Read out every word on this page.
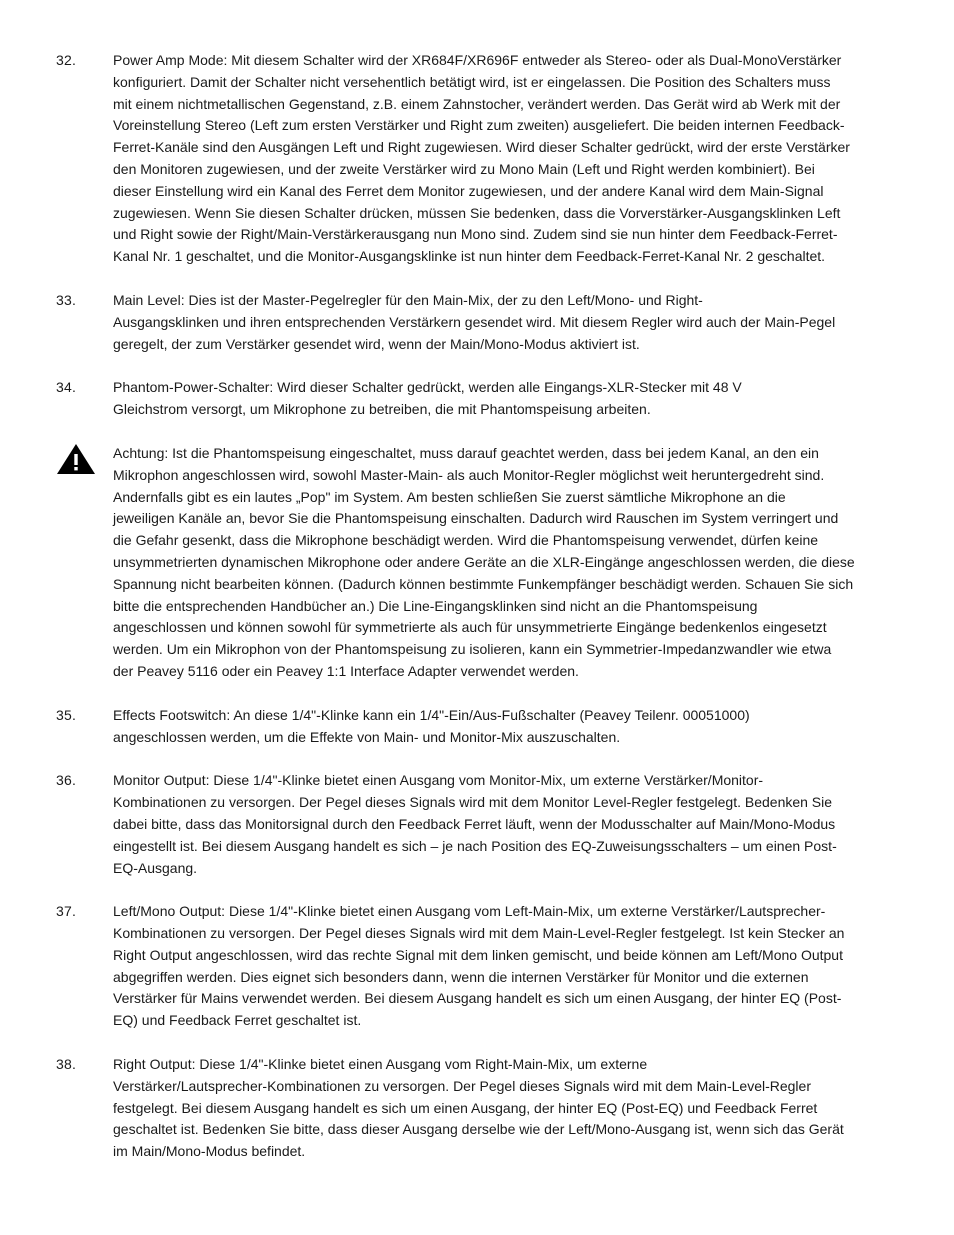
32.	Power Amp Mode: Mit diesem Schalter wird der XR684F/XR696F entweder als Stereo- oder als Dual-MonoVerstärker
konfiguriert. Damit der Schalter nicht versehentlich betätigt wird, ist er eingelassen. Die Position des Schalters muss
mit einem nichtmetallischen Gegenstand, z.B. einem Zahnstocher, verändert werden. Das Gerät wird ab Werk mit der
Voreinstellung Stereo (Left zum ersten Verstärker und Right zum zweiten) ausgeliefert. Die beiden internen Feedback-
Ferret-Kanäle sind den Ausgängen Left und Right zugewiesen. Wird dieser Schalter gedrückt, wird der erste Verstärker
den Monitoren zugewiesen, und der zweite Verstärker wird zu Mono Main (Left und Right werden kombiniert). Bei
dieser Einstellung wird ein Kanal des Ferret dem Monitor zugewiesen, und der andere Kanal wird dem Main-Signal
zugewiesen. Wenn Sie diesen Schalter drücken, müssen Sie bedenken, dass die Vorverstärker-Ausgangsklinken Left
und Right sowie der Right/Main-Verstärkerausgang nun Mono sind. Zudem sind sie nun hinter dem Feedback-Ferret-
Kanal Nr. 1 geschaltet, und die Monitor-Ausgangsklinke ist nun hinter dem Feedback-Ferret-Kanal Nr. 2 geschaltet.
33.	Main Level: Dies ist der Master-Pegelregler für den Main-Mix, der zu den Left/Mono- und Right-
Ausgangsklinken und ihren entsprechenden Verstärkern gesendet wird. Mit diesem Regler wird auch der Main-Pegel
geregelt, der zum Verstärker gesendet wird, wenn der Main/Mono-Modus aktiviert ist.
34.	Phantom-Power-Schalter: Wird dieser Schalter gedrückt, werden alle Eingangs-XLR-Stecker mit 48 V
Gleichstrom versorgt, um Mikrophone zu betreiben, die mit Phantomspeisung arbeiten.
Achtung: Ist die Phantomspeisung eingeschaltet, muss darauf geachtet werden, dass bei jedem Kanal, an den ein
Mikrophon angeschlossen wird, sowohl Master-Main- als auch Monitor-Regler möglichst weit heruntergedreht sind.
Andernfalls gibt es ein lautes „Pop" im System. Am besten schließen Sie zuerst sämtliche Mikrophone an die
jeweiligen Kanäle an, bevor Sie die Phantomspeisung einschalten. Dadurch wird Rauschen im System verringert und
die Gefahr gesenkt, dass die Mikrophone beschädigt werden. Wird die Phantomspeisung verwendet, dürfen keine
unsymmetrierten dynamischen Mikrophone oder andere Geräte an die XLR-Eingänge angeschlossen werden, die diese
Spannung nicht bearbeiten können. (Dadurch können bestimmte Funkempfänger beschädigt werden. Schauen Sie sich
bitte die entsprechenden Handbücher an.) Die Line-Eingangsklinken sind nicht an die Phantomspeisung
angeschlossen und können sowohl für symmetrierte als auch für unsymmetrierte Eingänge bedenkenlos eingesetzt
werden. Um ein Mikrophon von der Phantomspeisung zu isolieren, kann ein Symmetrier-Impedanzwandler wie etwa
der Peavey 5116 oder ein Peavey 1:1 Interface Adapter verwendet werden.
35.	Effects Footswitch: An diese 1/4"-Klinke kann ein 1/4"-Ein/Aus-Fußschalter (Peavey Teilenr. 00051000)
angeschlossen werden, um die Effekte von Main- und Monitor-Mix auszuschalten.
36.	Monitor Output: Diese 1/4"-Klinke bietet einen Ausgang vom Monitor-Mix, um externe Verstärker/Monitor-
Kombinationen zu versorgen. Der Pegel dieses Signals wird mit dem Monitor Level-Regler festgelegt. Bedenken Sie
dabei bitte, dass das Monitorsignal durch den Feedback Ferret läuft, wenn der Modusschalter auf Main/Mono-Modus
eingestellt ist. Bei diesem Ausgang handelt es sich – je nach Position des EQ-Zuweisungsschalters – um einen Post-
EQ-Ausgang.
37.	Left/Mono Output: Diese 1/4"-Klinke bietet einen Ausgang vom Left-Main-Mix, um externe Verstärker/Lautsprecher-
Kombinationen zu versorgen. Der Pegel dieses Signals wird mit dem Main-Level-Regler festgelegt. Ist kein Stecker an
Right Output angeschlossen, wird das rechte Signal mit dem linken gemischt, und beide können am Left/Mono Output
abgegriffen werden. Dies eignet sich besonders dann, wenn die internen Verstärker für Monitor und die externen
Verstärker für Mains verwendet werden. Bei diesem Ausgang handelt es sich um einen Ausgang, der hinter EQ (Post-
EQ) und Feedback Ferret geschaltet ist.
38.	Right Output: Diese 1/4"-Klinke bietet einen Ausgang vom Right-Main-Mix, um externe
Verstärker/Lautsprecher-Kombinationen zu versorgen. Der Pegel dieses Signals wird mit dem Main-Level-Regler
festgelegt. Bei diesem Ausgang handelt es sich um einen Ausgang, der hinter EQ (Post-EQ) und Feedback Ferret
geschaltet ist. Bedenken Sie bitte, dass dieser Ausgang derselbe wie der Left/Mono-Ausgang ist, wenn sich das Gerät
im Main/Mono-Modus befindet.
